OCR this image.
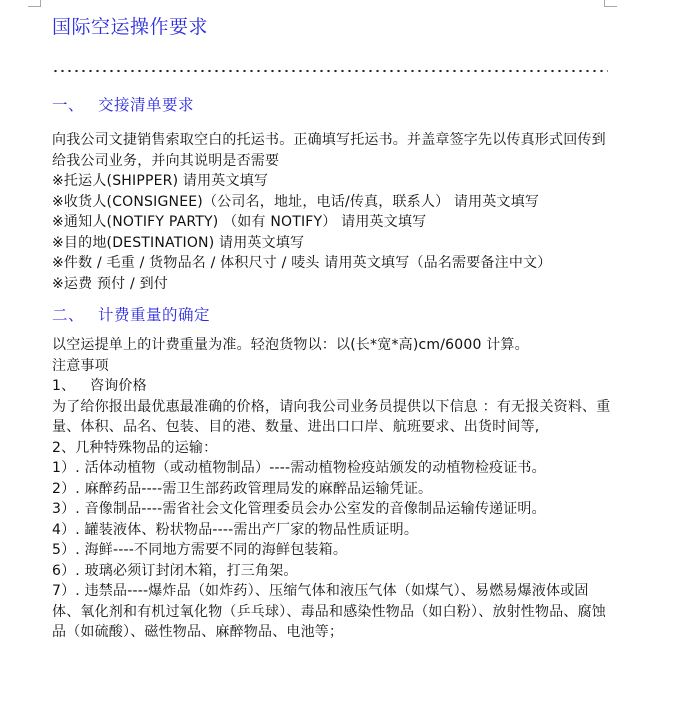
国际空运操作要求
一、 交接清单要求

向我公司文捷销售索取空白的托运书。正确填写托运书。并盖章签字先以传真形式回传到给我公司业务，并向其说明是否需要

※托运人(SHIPPER) 请用英文填写

※收货人(CONSIGNEE)（公司名，地址，电话/传真，联系人） 请用英文填写

※通知人(NOTIFY PARTY) （如有 NOTIFY） 请用英文填写

※目的地(DESTINATION) 请用英文填写

※件数 / 毛重 / 货物品名 / 体积尺寸 / 唛头 请用英文填写（品名需要备注中文）

※运费 预付 / 到付

二、 计费重量的确定

以空运提单上的计费重量为准。轻泡货物以：以(长*宽*高)cm/6000 计算。

注意事项

1、 咨询价格

为了给你报出最优惠最准确的价格，请向我公司业务员提供以下信息 ：有无报关资料、重量、体积、品名、包装、目的港、数量、进出口口岸、航班要求、出货时间等,

2、几种特殊物品的运输：

1）. 活体动植物（或动植物制品）----需动植物检疫站颁发的动植物检疫证书。

2）. 麻醉药品----需卫生部药政管理局发的麻醉品运输凭证。

3）. 音像制品----需省社会文化管理委员会办公室发的音像制品运输传递证明。

4）. 罐装液体、粉状物品----需出产厂家的物品性质证明。

5）. 海鲜----不同地方需要不同的海鲜包装箱。

6）. 玻璃必须订封闭木箱，打三角架。

7）. 违禁品----爆炸品（如炸药）、压缩气体和液压气体（如煤气）、易燃易爆液体或固体、氧化剂和有机过氧化物（乒乓球）、毒品和感染性物品（如白粉）、放射性物品、腐蚀品（如硫酸）、磁性物品、麻醉物品、电池等；
